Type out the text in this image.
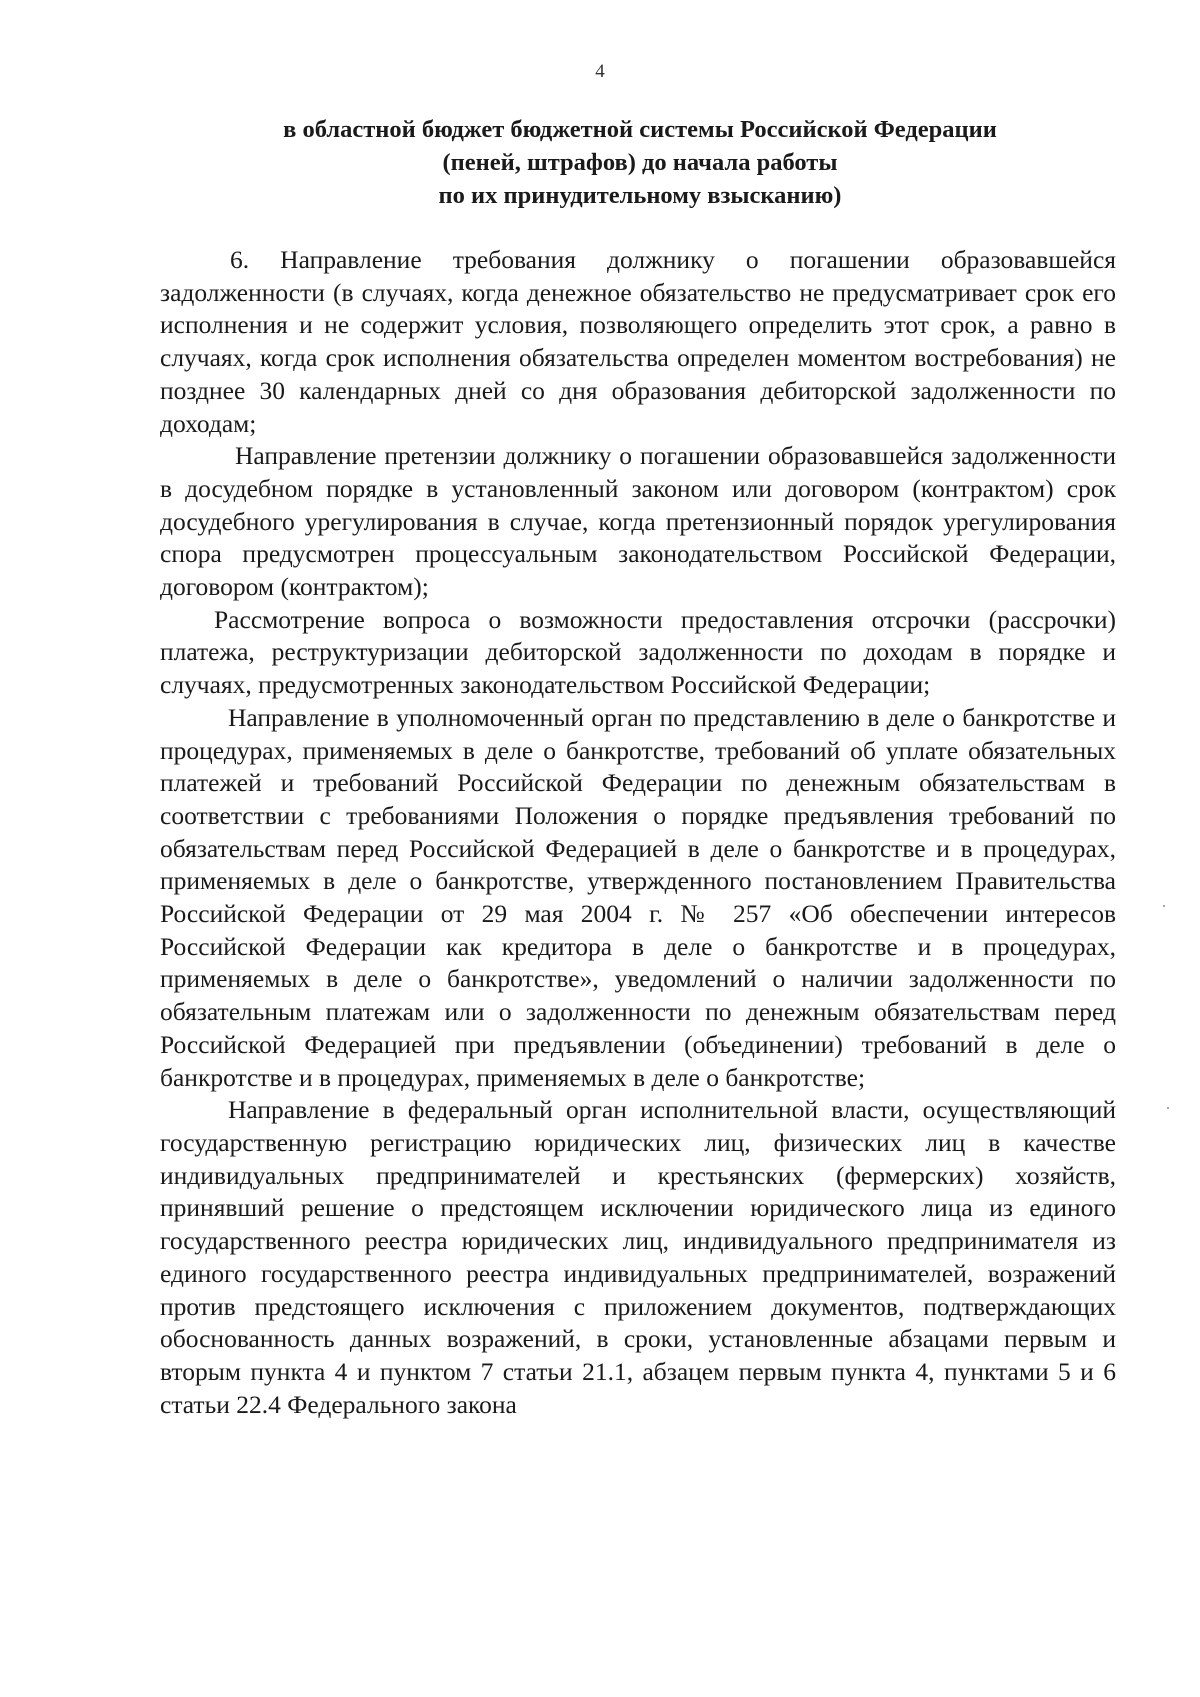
4
в областной бюджет бюджетной системы Российской Федерации
(пеней, штрафов) до начала работы
по их принудительному взысканию)

6. Направление требования должнику о погашении образовавшейся задолженности (в случаях, когда денежное обязательство не предусматривает срок его исполнения и не содержит условия, позволяющего определить этот срок, а равно в случаях, когда срок исполнения обязательства определен моментом востребования) не позднее 30 календарных дней со дня образования дебиторской задолженности по доходам;

Направление претензии должнику о погашении образовавшейся задолженности в досудебном порядке в установленный законом или договором (контрактом) срок досудебного урегулирования в случае, когда претензионный порядок урегулирования спора предусмотрен процессуальным законодательством Российской Федерации, договором (контрактом);

Рассмотрение вопроса о возможности предоставления отсрочки (рассрочки) платежа, реструктуризации дебиторской задолженности по доходам в порядке и случаях, предусмотренных законодательством Российской Федерации;

Направление в уполномоченный орган по представлению в деле о банкротстве и процедурах, применяемых в деле о банкротстве, требований об уплате обязательных платежей и требований Российской Федерации по денежным обязательствам в соответствии с требованиями Положения о порядке предъявления требований по обязательствам перед Российской Федерацией в деле о банкротстве и в процедурах, применяемых в деле о банкротстве, утвержденного постановлением Правительства Российской Федерации от 29 мая 2004 г. № 257 «Об обеспечении интересов Российской Федерации как кредитора в деле о банкротстве и в процедурах, применяемых в деле о банкротстве», уведомлений о наличии задолженности по обязательным платежам или о задолженности по денежным обязательствам перед Российской Федерацией при предъявлении (объединении) требований в деле о банкротстве и в процедурах, применяемых в деле о банкротстве;

Направление в федеральный орган исполнительной власти, осуществляющий государственную регистрацию юридических лиц, физических лиц в качестве индивидуальных предпринимателей и крестьянских (фермерских) хозяйств, принявший решение о предстоящем исключении юридического лица из единого государственного реестра юридических лиц, индивидуального предпринимателя из единого государственного реестра индивидуальных предпринимателей, возражений против предстоящего исключения с приложением документов, подтверждающих обоснованность данных возражений, в сроки, установленные абзацами первым и вторым пункта 4 и пунктом 7 статьи 21.1, абзацем первым пункта 4, пунктами 5 и 6 статьи 22.4 Федерального закона
